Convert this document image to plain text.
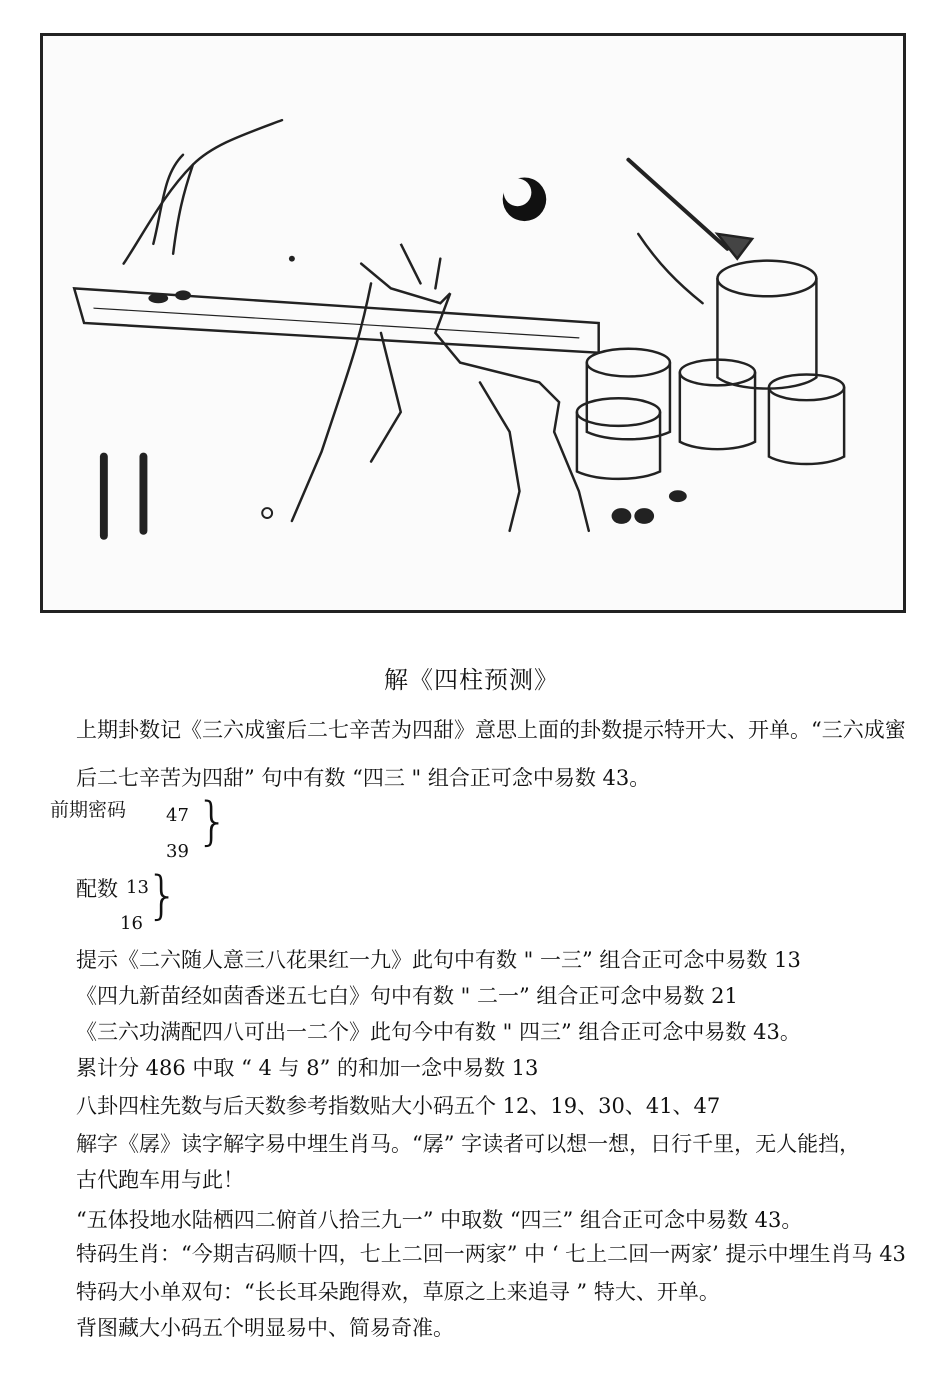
解《四柱预测》
上期卦数记《三六成蜜后二七辛苦为四甜》意思上面的卦数提示特开大、开单。“三六成蜜
后二七辛苦为四甜” 句中有数 “四三 " 组合正可念中易数 43。
前期密码 47
39 }
配数 13
16 }
提示《二六随人意三八花果红一九》此句中有数 " 一三” 组合正可念中易数 13
《四九新苗经如茵香迷五七白》句中有数 " 二一” 组合正可念中易数 21
《三六功满配四八可出一二个》此句今中有数 " 四三” 组合正可念中易数 43。
累计分 486 中取 “ 4 与 8” 的和加一念中易数 13
八卦四柱先数与后天数参考指数贴大小码五个 12、19、30、41、47
解字《孱》读字解字易中埋生肖马。“孱” 字读者可以想一想，日行千里，无人能挡，
古代跑车用与此！
“五体投地水陆栖四二俯首八拾三九一” 中取数 “四三” 组合正可念中易数 43。
特码生肖：“今期吉码顺十四，七上二回一两家” 中 ‘ 七上二回一两家’ 提示中埋生肖马 43
特码大小单双句：“长长耳朵跑得欢，草原之上来追寻 ” 特大、开单。
背图藏大小码五个明显易中、简易奇准。
